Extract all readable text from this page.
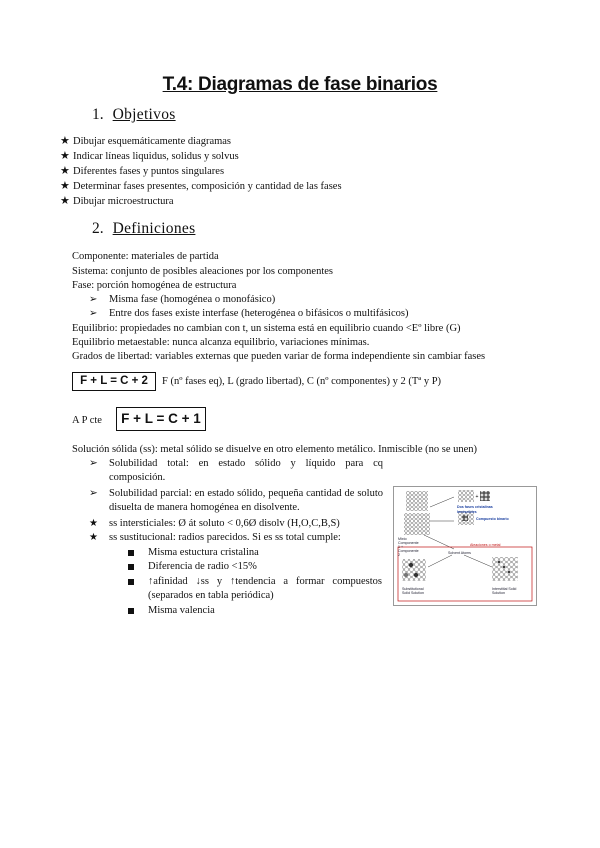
T.4: Diagramas de fase binarios
1. Objetivos
★ Dibujar esquemáticamente diagramas
★ Indicar líneas liquidus, solidus y solvus
★ Diferentes fases y puntos singulares
★ Determinar fases presentes, composición y cantidad de las fases
★ Dibujar microestructura
2. Definiciones
Componente: materiales de partida
Sistema: conjunto de posibles aleaciones por los componentes
Fase: porción homogénea de estructura
➢ Misma fase (homogénea o monofásico)
➢ Entre dos fases existe interfase (heterogénea o bifásicos o multifásicos)
Equilibrio: propiedades no cambian con t, un sistema está en equilibrio cuando <Eº libre (G)
Equilibrio metaestable: nunca alcanza equilibrio, variaciones mínimas.
Grados de libertad: variables externas que pueden variar de forma independiente sin cambiar fases
F + L = C + 2	F (nº fases eq), L (grado libertad), C (nº componentes) y 2 (Tª y P)
A P cte	F + L = C + 1
Solución sólida (ss): metal sólido se disuelve en otro elemento metálico. Inmiscible (no se unen)
➢ Solubilidad total: en estado sólido y líquido para cq composición.
➢ Solubilidad parcial: en estado sólido, pequeña cantidad de soluto disuelta de manera homogénea en disolvente.
★ ss intersticiales: Ø át soluto < 0,6Ø disolv (H,O,C,B,S)
★ ss sustitucional: radios parecidos. Si es ss total cumple:
Misma estuctura cristalina
Diferencia de radio <15%
↑afinidad ↓ss y ↑tendencia a formar compuestos (separados en tabla periódica)
Misma valencia
+
Dos fases cristalinas
Inmiscibles
Compuesto binario
Mixto Componente 1 + Componente 2	Solvent Atoms
Aleaciones o metal
Substitutional Solid Solution
Interstitial Solid Solution
